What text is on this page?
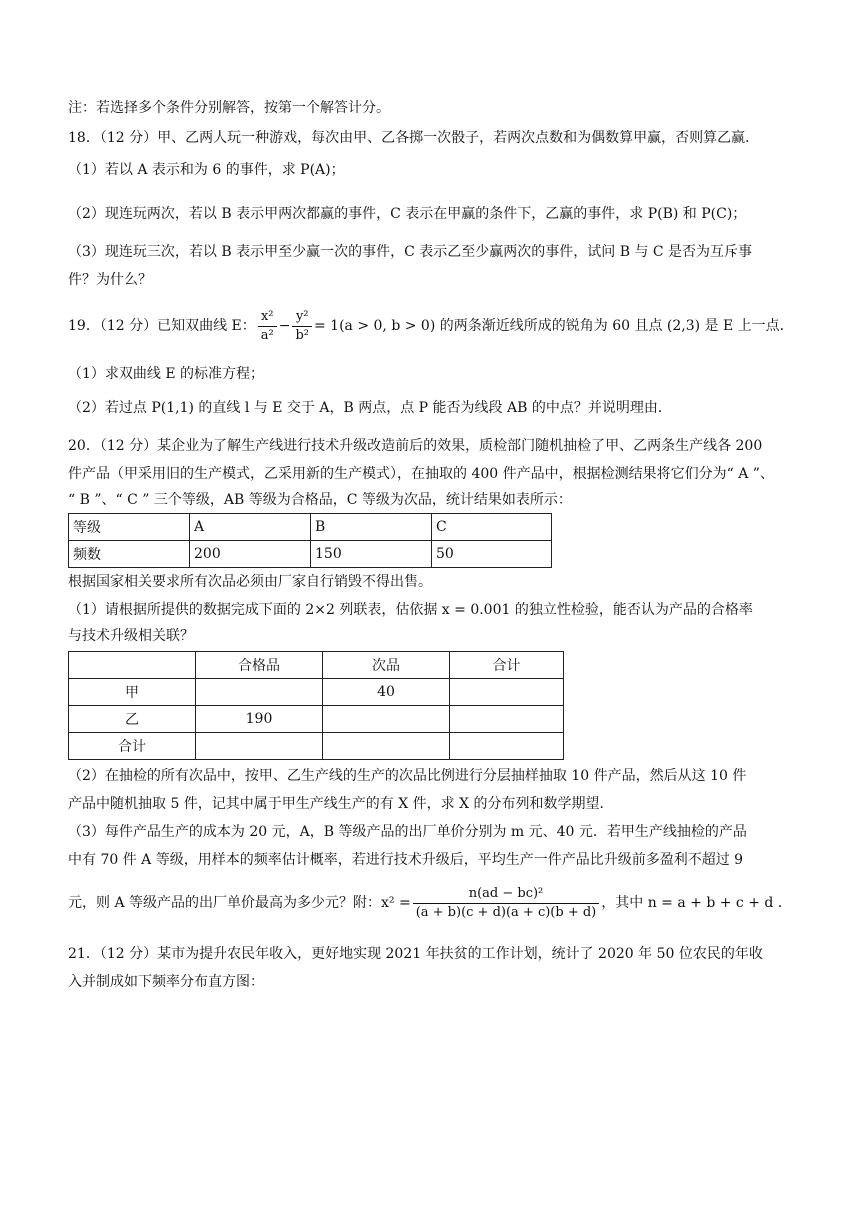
注：若选择多个条件分别解答，按第一个解答计分。
18．（12 分）甲、乙两人玩一种游戏，每次由甲、乙各掷一次骰子，若两次点数和为偶数算甲赢，否则算乙赢．
（1）若以 A 表示和为 6 的事件，求 P(A)；
（2）现连玩两次，若以 B 表示甲两次都赢的事件，C 表示在甲赢的条件下，乙赢的事件，求 P(B) 和 P(C)；
（3）现连玩三次，若以 B 表示甲至少赢一次的事件，C 表示乙至少赢两次的事件，试问 B 与 C 是否为互斥事
件？为什么？
19．（12 分）已知双曲线 E： $\frac{\text{x²}}{\text{a²}} - \frac{\text{y²}}{\text{b²}} = 1(a > 0$, b > 0) 的两条渐近线所成的锐角为 60 且点 (2,3) 是 E 上一点．
（1）求双曲线 E 的标准方程；
（2）若过点 P(1,1) 的直线 l 与 E 交于 A，B 两点，点 P 能否为线段 AB 的中点？并说明理由．
20．（12 分）某企业为了解生产线进行技术升级改造前后的效果，质检部门随机抽检了甲、乙两条生产线各 200
件产品（甲采用旧的生产模式，乙采用新的生产模式），在抽取的 400 件产品中，根据检测结果将它们分为“ A ”、
“ B ”、“ C ” 三个等级，AB 等级为合格品，C 等级为次品，统计结果如表所示：
等级	A	B	C
频数	200	150	50
根据国家相关要求所有次品必须由厂家自行销毁不得出售。
（1）请根据所提供的数据完成下面的 2×2 列联表，估依据 x = 0.001 的独立性检验，能否认为产品的合格率
与技术升级相关联？
	合格品	次品	合计
甲		40	
乙	190		
合计			
（2）在抽检的所有次品中，按甲、乙生产线的生产的次品比例进行分层抽样抽取 10 件产品，然后从这 10 件
产品中随机抽取 5 件，记其中属于甲生产线生产的有 X 件，求 X 的分布列和数学期望．
（3）每件产品生产的成本为 20 元，A，B 等级产品的出厂单价分别为 m 元、40 元．若甲生产线抽检的产品
中有 70 件 A 等级，用样本的频率估计概率，若进行技术升级后，平均生产一件产品比升级前多盈利不超过 9
元，则 A 等级产品的出厂单价最高为多少元？附：$x^2 = \frac{\text{n(ad − bc)²}}{(a + b)(c + d)(a + c)(b + d)}$ ，其中 n = a + b + c + d ．
21．（12 分）某市为提升农民年收入，更好地实现 2021 年扶贫的工作计划，统计了 2020 年 50 位农民的年收
入并制成如下频率分布直方图：
